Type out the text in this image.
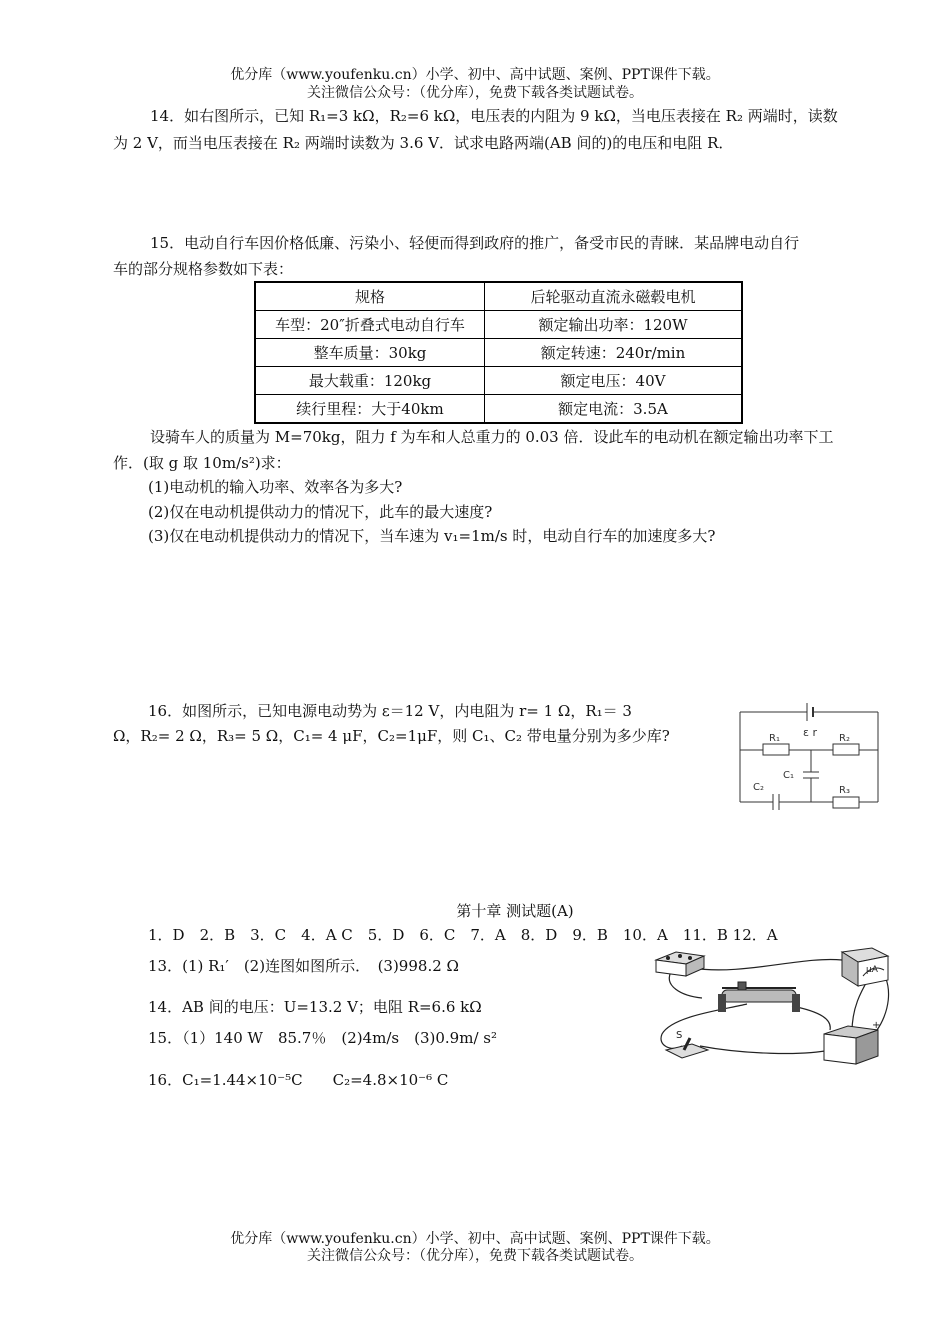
优分库（www.youfenku.cn）小学、初中、高中试题、案例、PPT课件下载。
关注微信公众号：（优分库），免费下载各类试题试卷。
14．如右图所示，已知 R₁=3 kΩ，R₂=6 kΩ，电压表的内阻为 9 kΩ，当电压表接在 R₂ 两端时，读数
为 2 V，而当电压表接在 R₂ 两端时读数为 3.6 V．试求电路两端(AB 间的)的电压和电阻 R．
15．电动自行车因价格低廉、污染小、轻便而得到政府的推广，备受市民的青睐．某品牌电动自行
车的部分规格参数如下表：
规格	后轮驱动直流永磁毂电机
车型：20″折叠式电动自行车	额定输出功率：120W
整车质量：30kg	额定转速：240r/min
最大载重：120kg	额定电压：40V
续行里程：大于40km	额定电流：3.5A
设骑车人的质量为 M=70kg，阻力 f 为车和人总重力的 0.03 倍．设此车的电动机在额定输出功率下工
作．(取 g 取 10m/s²)求：
(1)电动机的输入功率、效率各为多大?
(2)仅在电动机提供动力的情况下，此车的最大速度?
(3)仅在电动机提供动力的情况下，当车速为 v₁=1m/s 时，电动自行车的加速度多大?
16．如图所示，已知电源电动势为 ε＝12 V，内电阻为 r= 1 Ω，R₁＝ 3
Ω，R₂= 2 Ω，R₃= 5 Ω，C₁= 4 μF，C₂=1μF，则 C₁、C₂ 带电量分别为多少库?	ε r
R₁	R₂
R₃
C₁
C₂
第十章 测试题(A)
1．D　2．B　3．C　4．A C　5．D　6．C　7．A　8．D　9．B　10．A　11．B 12．A
13．(1) R₁′　(2)连图如图所示．　(3)998.2 Ω
14．AB 间的电压：U=13.2 V；电阻 R=6.6 kΩ
15．（1）140 W　85.7％　(2)4m/s　(3)0.9m/ s²
16．C₁=1.44×10⁻⁵C　　C₂=4.8×10⁻⁶ C
μA
+
S
优分库（www.youfenku.cn）小学、初中、高中试题、案例、PPT课件下载。
关注微信公众号：（优分库），免费下载各类试题试卷。
